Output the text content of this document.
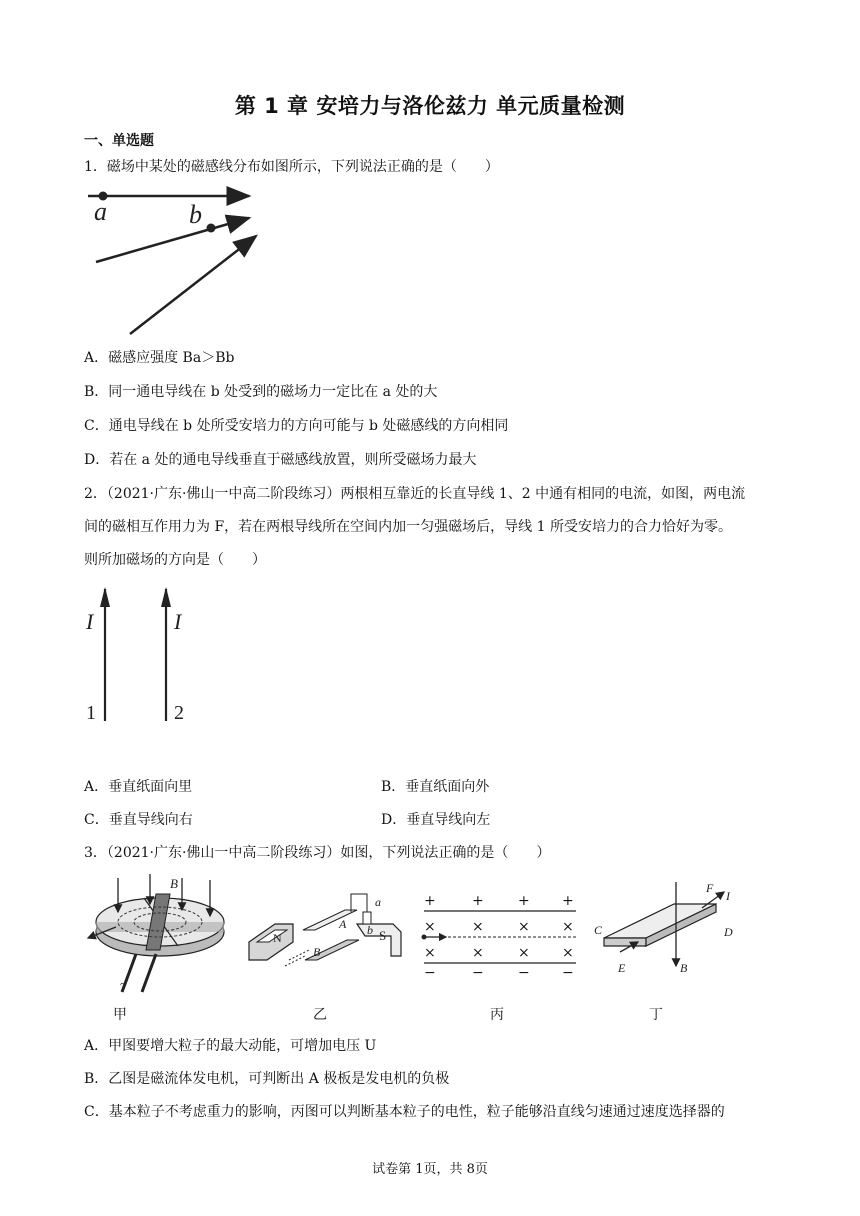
第 1 章 安培力与洛伦兹力 单元质量检测
一、单选题
1．磁场中某处的磁感线分布如图所示，下列说法正确的是（　　）
a	b
A．磁感应强度 Ba＞Bb
B．同一通电导线在 b 处受到的磁场力一定比在 a 处的大
C．通电导线在 b 处所受安培力的方向可能与 b 处磁感线的方向相同
D．若在 a 处的通电导线垂直于磁感线放置，则所受磁场力最大
2．（2021·广东·佛山一中高二阶段练习）两根相互靠近的长直导线 1、2 中通有相同的电流，如图，两电流
间的磁相互作用力为 F，若在两根导线所在空间内加一匀强磁场后，导线 1 所受安培力的合力恰好为零。
则所加磁场的方向是（　　）
I	I
1	2
A．垂直纸面向里	B．垂直纸面向外
C．垂直导线向右	D．垂直导线向左
3．（2021·广东·佛山一中高二阶段练习）如图，下列说法正确的是（　　）
B
~
a
b
N
A
S
B
+	+ + +
×	× × ×
×	× × ×
−	− − −
F
I
C	D
E	B
甲	乙	丙	丁
A．甲图要增大粒子的最大动能，可增加电压 U
B．乙图是磁流体发电机，可判断出 A 极板是发电机的负极
C．基本粒子不考虑重力的影响，丙图可以判断基本粒子的电性，粒子能够沿直线匀速通过速度选择器的
试卷第 1页，共 8页
